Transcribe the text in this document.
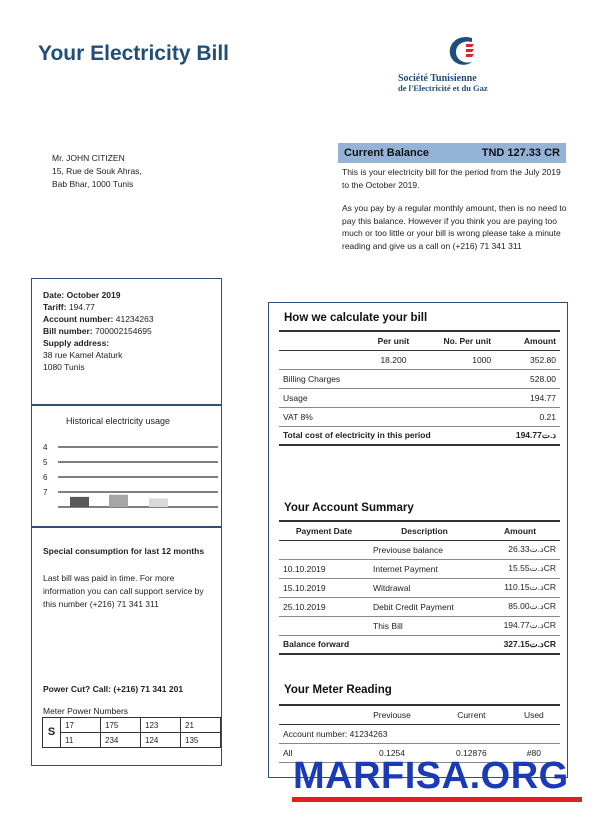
Your Electricity Bill
Société Tunisienne
de l'Electricité et du Gaz
Mr. JOHN CITIZEN
15, Rue de Souk Ahras,
Bab Bhar, 1000 Tunis
Current Balance	TND 127.33 CR

This is your electricity bill for the period from the July 2019 to the October 2019.

As you pay by a regular monthly amount, then is no need to pay this balance. However if you think you are paying too much or too little or your bill is wrong please take a minute reading and give us a call on (+216) 71 341 311

Date: October 2019
Tariff: 194.77
Account number: 41234263
Bill number: 700002154695
Supply address:
38 rue Kamel Ataturk
1080 Tunis
Historical electricity usage
4
5
6
7
Special consumption for last 12 months
Last bill was paid in time. For more information you can call support service by this number (+216) 71 341 311
Power Cut? Call: (+216) 71 341 201
Meter Power Numbers
S	17	175	123	21
	11	234	124	135
How we calculate your bill
	Per unit	No. Per unit	Amount
	18.200	1000	352.80
Billing Charges			528.00
Usage			194.77
VAT 8%			0.21
Total cost of electricity in this period			د.ت194.77
Your Account Summary
Payment Date	Description	Amount
	Previouse balance	د.ت26.33CR
10.10.2019	Internet Payment	د.ت15.55CR
15.10.2019	Witdrawal	د.ت110.15CR
25.10.2019	Debit Credit Payment	د.ت85.00CR
	This Bill	د.ت194.77CR
Balance forward		د.ت327.15CR
Your Meter Reading
	Previouse	Current	Used
Account number: 41234263			
All	0.1254	0.12876	#80
MARFISA.ORG
